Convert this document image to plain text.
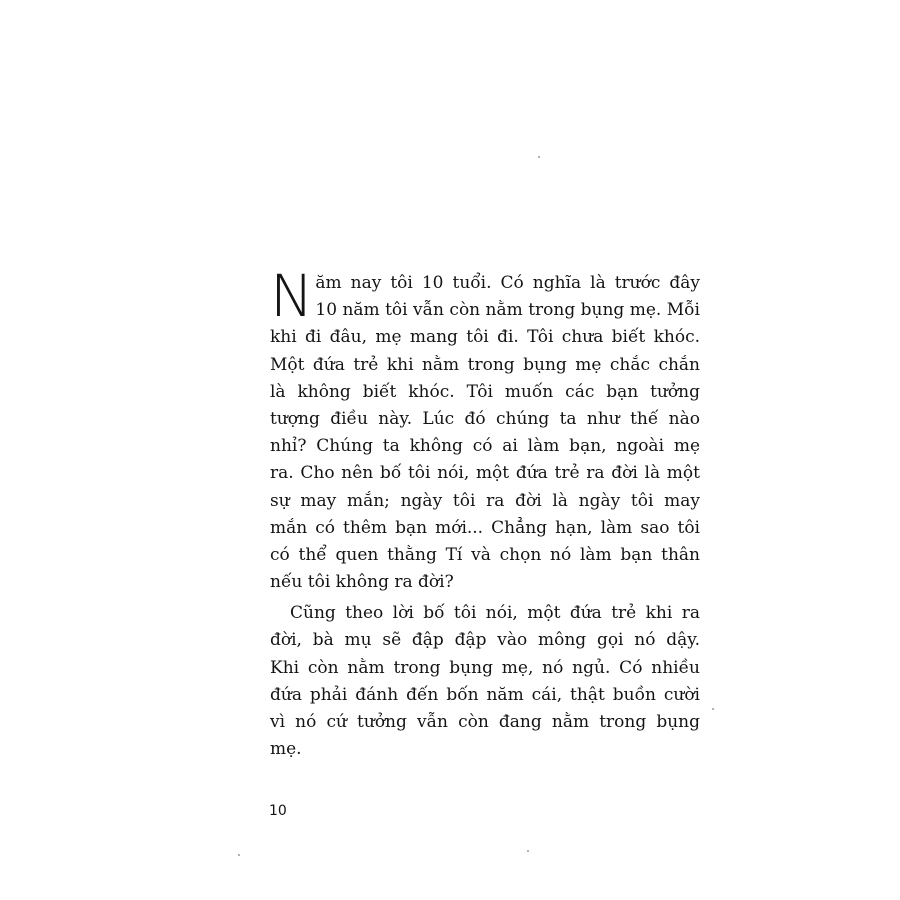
N ăm nay tôi 10 tuổi. Có nghĩa là trước đây
10 năm tôi vẫn còn nằm trong bụng mẹ. Mỗi
khi đi đâu, mẹ mang tôi đi. Tôi chưa biết khóc.
Một đứa trẻ khi nằm trong bụng mẹ chắc chắn
là không biết khóc. Tôi muốn các bạn tưởng
tượng điều này. Lúc đó chúng ta như thế nào
nhỉ? Chúng ta không có ai làm bạn, ngoài mẹ
ra. Cho nên bố tôi nói, một đứa trẻ ra đời là một
sự may mắn; ngày tôi ra đời là ngày tôi may
mắn có thêm bạn mới... Chẳng hạn, làm sao tôi
có thể quen thằng Tí và chọn nó làm bạn thân
nếu tôi không ra đời?
Cũng theo lời bố tôi nói, một đứa trẻ khi ra
đời, bà mụ sẽ đập đập vào mông gọi nó dậy.
Khi còn nằm trong bụng mẹ, nó ngủ. Có nhiều
đứa phải đánh đến bốn năm cái, thật buồn cười
vì nó cứ tưởng vẫn còn đang nằm trong bụng
mẹ.
10
